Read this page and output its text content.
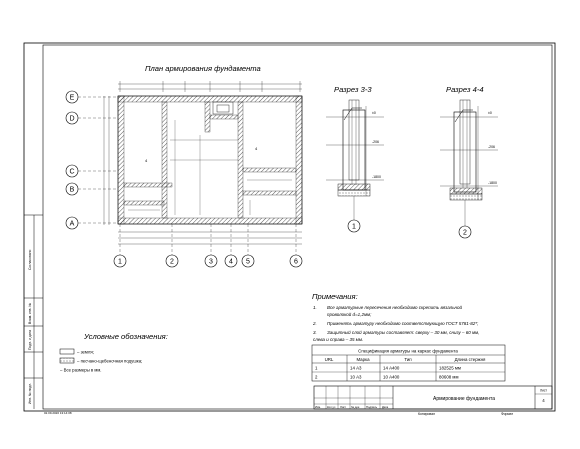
Согласовано
Взам. инв. №
Подп. и дата
Инв. № подл.
План армирования фундамента
4
4
E
D
C
B
A
1	2	3 4 5	6
Разрез 3-3
±0
-206
-1800
1
Разрез 4-4
±0
-206
-1800
2
Примечания:
1. Все арматурные пересечения необходимо скрепить вязальной
проволокой d=1,2мм;
2. Применять арматуру необходимо соответствующую ГОСТ 5781-82*;
3. Защитный слой арматуры составляет: сверху – 30 мм, снизу – 60 мм,
слева и справа – 35 мм.
Условные обозначения:
– земля;
– песчано-щебеночная подушка;
– Все размеры в мм.
Спецификация арматуры на каркас фундамента
URL	Марка	Тип	Длина стержня
1	14 А3	14 А400	182525 мм
2	10 А3	10 А400	80608 мм
Изм. Кол.уч Лист № док. Подпись Дата
Армирование фундамента
Лист
4
Копировал	Формат
02.09.2020 13:14:08
